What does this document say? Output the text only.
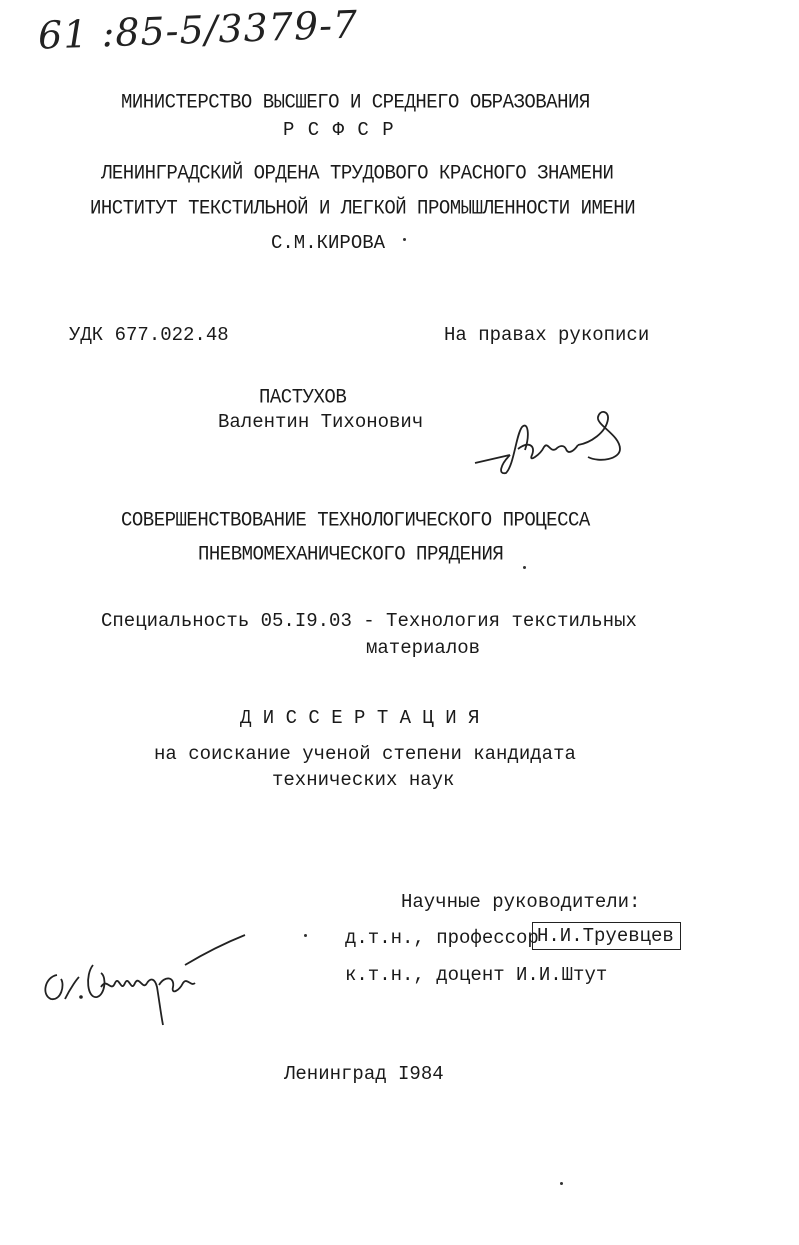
61 :85-5/3379-7
МИНИСТЕРСТВО ВЫСШЕГО И СРЕДНЕГО ОБРАЗОВАНИЯ
Р С Ф С Р
ЛЕНИНГРАДСКИЙ ОРДЕНА ТРУДОВОГО КРАСНОГО ЗНАМЕНИ
ИНСТИТУТ ТЕКСТИЛЬНОЙ И ЛЕГКОЙ ПРОМЫШЛЕННОСТИ ИМЕНИ
С.М.КИРОВА
УДК 677.022.48	На правах рукописи
ПАСТУХОВ
Валентин Тихонович
СОВЕРШЕНСТВОВАНИЕ ТЕХНОЛОГИЧЕСКОГО ПРОЦЕССА
ПНЕВМОМЕХАНИЧЕСКОГО ПРЯДЕНИЯ
Специальность 05.I9.03 - Технология текстильных
материалов
Д И С С Е Р Т А Ц И Я
на соискание ученой степени кандидата
технических наук
Научные руководители:
д.т.н., профессор
Н.И.Труевцев
к.т.н., доцент И.И.Штут
Ленинград I984
